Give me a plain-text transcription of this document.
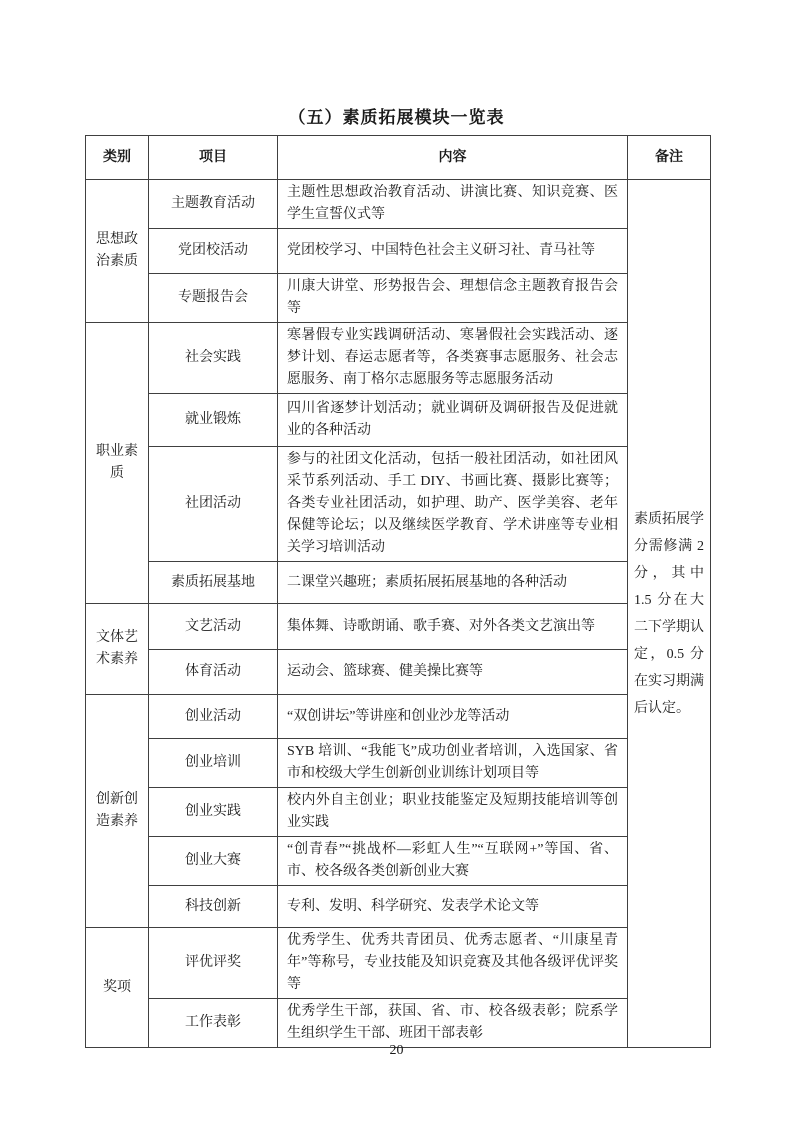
（五）素质拓展模块一览表
类别	项目	内容	备注
思想政治素质	主题教育活动	主题性思想政治教育活动、讲演比赛、知识竞赛、医学生宣誓仪式等	素质拓展学分需修满 2 分，其中 1.5 分在大二下学期认定，0.5 分在实习期满后认定。
	党团校活动	党团校学习、中国特色社会主义研习社、青马社等	
	专题报告会	川康大讲堂、形势报告会、理想信念主题教育报告会等	
职业素质	社会实践	寒暑假专业实践调研活动、寒暑假社会实践活动、逐梦计划、春运志愿者等，各类赛事志愿服务、社会志愿服务、南丁格尔志愿服务等志愿服务活动	
	就业锻炼	四川省逐梦计划活动；就业调研及调研报告及促进就业的各种活动	
	社团活动	参与的社团文化活动，包括一般社团活动，如社团风采节系列活动、手工 DIY、书画比赛、摄影比赛等；各类专业社团活动，如护理、助产、医学美容、老年保健等论坛；以及继续医学教育、学术讲座等专业相关学习培训活动	
	素质拓展基地	二课堂兴趣班；素质拓展拓展基地的各种活动	
文体艺术素养	文艺活动	集体舞、诗歌朗诵、歌手赛、对外各类文艺演出等	
	体育活动	运动会、篮球赛、健美操比赛等	
创新创造素养	创业活动	“双创讲坛”等讲座和创业沙龙等活动	
	创业培训	SYB 培训、“我能飞”成功创业者培训，入选国家、省市和校级大学生创新创业训练计划项目等	
	创业实践	校内外自主创业；职业技能鉴定及短期技能培训等创业实践	
	创业大赛	“创青春”“挑战杯—彩虹人生”“互联网+”等国、省、市、校各级各类创新创业大赛	
	科技创新	专利、发明、科学研究、发表学术论文等	
奖项	评优评奖	优秀学生、优秀共青团员、优秀志愿者、“川康星青年”等称号，专业技能及知识竞赛及其他各级评优评奖等	
	工作表彰	优秀学生干部，获国、省、市、校各级表彰；院系学生组织学生干部、班团干部表彰	
20
